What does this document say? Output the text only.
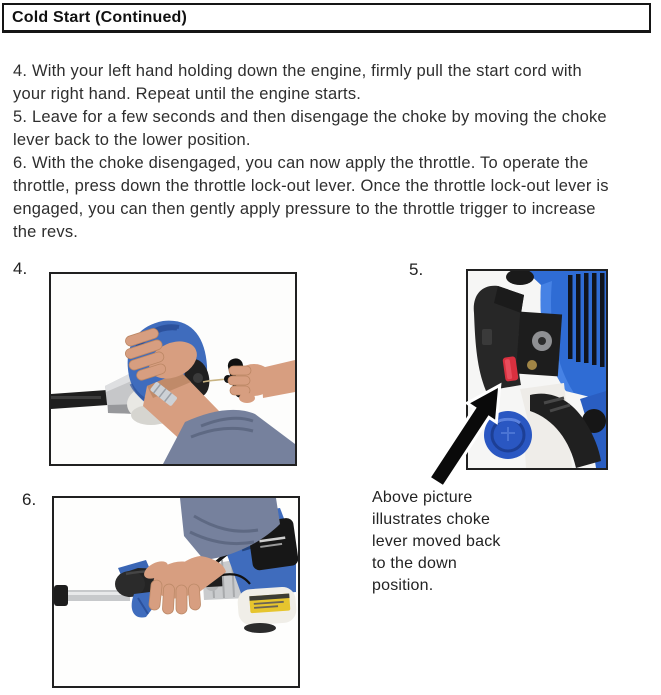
Cold Start (Continued)
4. With your left hand holding down the engine, firmly pull the start cord with your right hand. Repeat until the engine starts.
5. Leave for a few seconds and then disengage the choke by moving the choke lever back to the lower position.
6. With the choke disengaged, you can now apply the throttle. To operate the throttle, press down the throttle lock-out lever. Once the throttle lock-out lever is engaged, you can then gently apply pressure to the throttle trigger to increase the revs.
4.	5.
6.	Above picture
illustrates choke
lever moved back
to the down
position.
